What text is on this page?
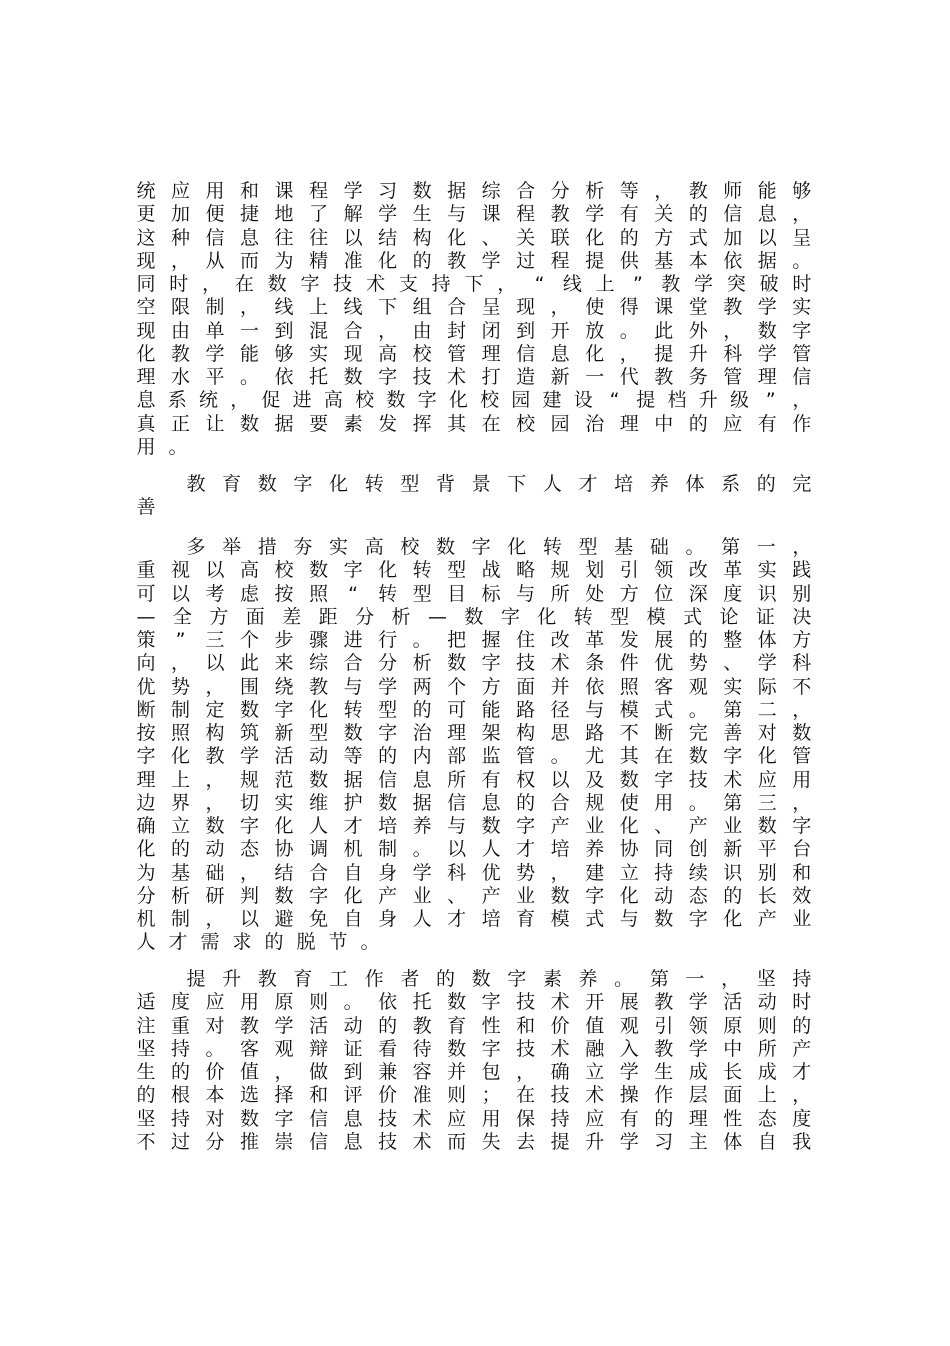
统 应 用 和 课 程 学 习 数 据 综 合 分 析 等 ， 教 师 能 够
更 加 便 捷 地 了 解 学 生 与 课 程 教 学 有 关 的 信 息 ，
这 种 信 息 往 往 以 结 构 化 、 关 联 化 的 方 式 加 以 呈
现 ， 从 而 为 精 准 化 的 教 学 过 程 提 供 基 本 依 据 。
同 时 ， 在 数 字 技 术 支 持 下 ， “ 线 上 ” 教 学 突 破 时
空 限 制 ， 线 上 线 下 组 合 呈 现 ， 使 得 课 堂 教 学 实
现 由 单 一 到 混 合 ， 由 封 闭 到 开 放 。 此 外 ， 数 字
化 教 学 能 够 实 现 高 校 管 理 信 息 化 ， 提 升 科 学 管
理 水 平 。 依 托 数 字 技 术 打 造 新 一 代 教 务 管 理 信
息 系 统 ， 促 进 高 校 数 字 化 校 园 建 设 “ 提 档 升 级 ” ，
真 正 让 数 据 要 素 发 挥 其 在 校 园 治 理 中 的 应 有 作
用 。
教 育 数 字 化 转 型 背 景 下 人 才 培 养 体 系 的 完
善
多 举 措 夯 实 高 校 数 字 化 转 型 基 础 。 第 一 ，
重 视 以 高 校 数 字 化 转 型 战 略 规 划 引 领 改 革 实 践
可 以 考 虑 按 照 “ 转 型 目 标 与 所 处 方 位 深 度 识 别
— 全 方 面 差 距 分 析 — 数 字 化 转 型 模 式 论 证 决
策 ” 三 个 步 骤 进 行 。 把 握 住 改 革 发 展 的 整 体 方
向 ， 以 此 来 综 合 分 析 数 字 技 术 条 件 优 势 、 学 科
优 势 ， 围 绕 教 与 学 两 个 方 面 并 依 照 客 观 实 际 不
断 制 定 数 字 化 转 型 的 可 能 路 径 与 模 式 。 第 二 ，
按 照 构 筑 新 型 数 字 治 理 架 构 思 路 不 断 完 善 对 数
字 化 教 学 活 动 等 的 内 部 监 管 。 尤 其 在 数 字 化 管
理 上 ， 规 范 数 据 信 息 所 有 权 以 及 数 字 技 术 应 用
边 界 ， 切 实 维 护 数 据 信 息 的 合 规 使 用 。 第 三 ，
确 立 数 字 化 人 才 培 养 与 数 字 产 业 化 、 产 业 数 字
化 的 动 态 协 调 机 制 。 以 人 才 培 养 协 同 创 新 平 台
为 基 础 ， 结 合 自 身 学 科 优 势 ， 建 立 持 续 识 别 和
分 析 研 判 数 字 化 产 业 、 产 业 数 字 化 动 态 的 长 效
机 制 ， 以 避 免 自 身 人 才 培 育 模 式 与 数 字 化 产 业
人 才 需 求 的 脱 节 。
提 升 教 育 工 作 者 的 数 字 素 养 。 第 一 ， 坚 持
适 度 应 用 原 则 。 依 托 数 字 技 术 开 展 教 学 活 动 时
注 重 对 教 学 活 动 的 教 育 性 和 价 值 观 引 领 原 则 的
坚 持 。 客 观 辩 证 看 待 数 字 技 术 融 入 教 学 中 所 产
生 的 价 值 ， 做 到 兼 容 并 包 ， 确 立 学 生 成 长 成 才
的 根 本 选 择 和 评 价 准 则 ； 在 技 术 操 作 层 面 上 ，
坚 持 对 数 字 信 息 技 术 应 用 保 持 应 有 的 理 性 态 度
不 过 分 推 崇 信 息 技 术 而 失 去 提 升 学 习 主 体 自 我
